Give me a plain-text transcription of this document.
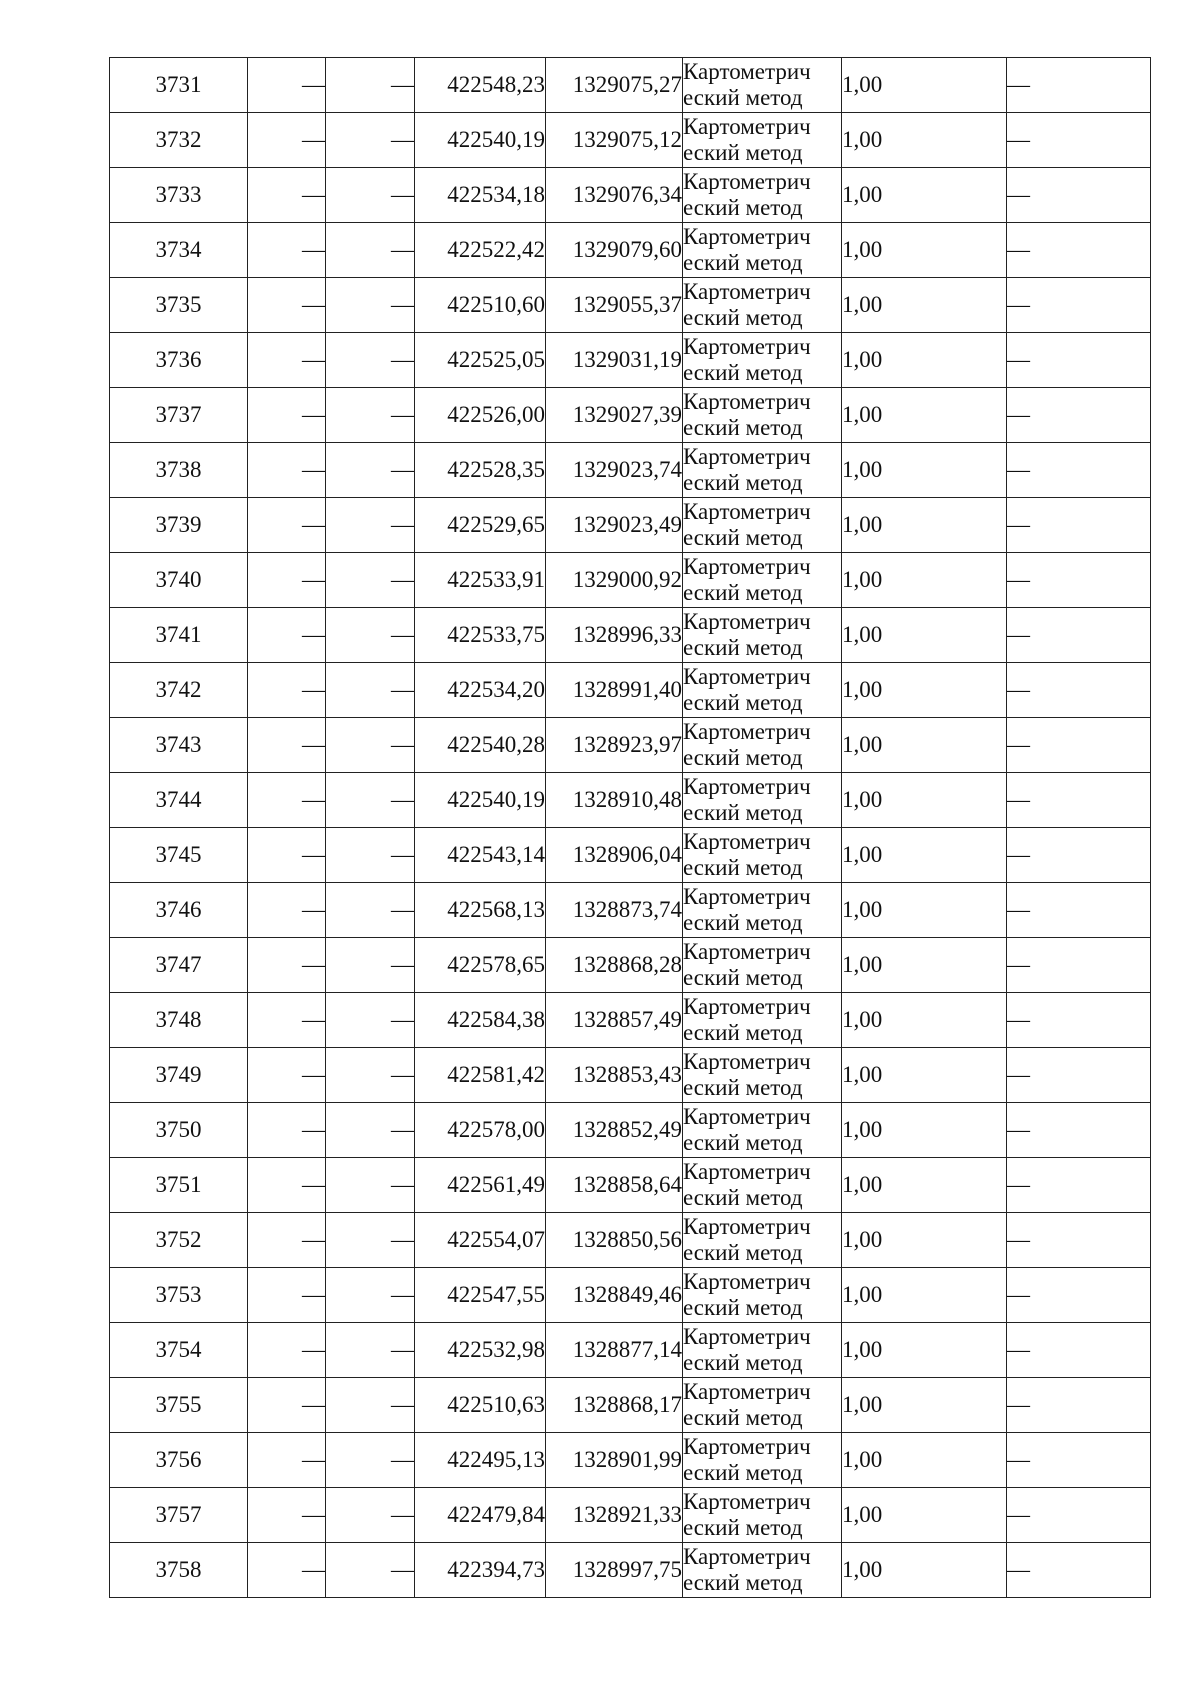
3731	—	—	422548,23	1329075,27	Картометрич
еский метод	1,00	—
3732	—	—	422540,19	1329075,12	Картометрич
еский метод	1,00	—
3733	—	—	422534,18	1329076,34	Картометрич
еский метод	1,00	—
3734	—	—	422522,42	1329079,60	Картометрич
еский метод	1,00	—
3735	—	—	422510,60	1329055,37	Картометрич
еский метод	1,00	—
3736	—	—	422525,05	1329031,19	Картометрич
еский метод	1,00	—
3737	—	—	422526,00	1329027,39	Картометрич
еский метод	1,00	—
3738	—	—	422528,35	1329023,74	Картометрич
еский метод	1,00	—
3739	—	—	422529,65	1329023,49	Картометрич
еский метод	1,00	—
3740	—	—	422533,91	1329000,92	Картометрич
еский метод	1,00	—
3741	—	—	422533,75	1328996,33	Картометрич
еский метод	1,00	—
3742	—	—	422534,20	1328991,40	Картометрич
еский метод	1,00	—
3743	—	—	422540,28	1328923,97	Картометрич
еский метод	1,00	—
3744	—	—	422540,19	1328910,48	Картометрич
еский метод	1,00	—
3745	—	—	422543,14	1328906,04	Картометрич
еский метод	1,00	—
3746	—	—	422568,13	1328873,74	Картометрич
еский метод	1,00	—
3747	—	—	422578,65	1328868,28	Картометрич
еский метод	1,00	—
3748	—	—	422584,38	1328857,49	Картометрич
еский метод	1,00	—
3749	—	—	422581,42	1328853,43	Картометрич
еский метод	1,00	—
3750	—	—	422578,00	1328852,49	Картометрич
еский метод	1,00	—
3751	—	—	422561,49	1328858,64	Картометрич
еский метод	1,00	—
3752	—	—	422554,07	1328850,56	Картометрич
еский метод	1,00	—
3753	—	—	422547,55	1328849,46	Картометрич
еский метод	1,00	—
3754	—	—	422532,98	1328877,14	Картометрич
еский метод	1,00	—
3755	—	—	422510,63	1328868,17	Картометрич
еский метод	1,00	—
3756	—	—	422495,13	1328901,99	Картометрич
еский метод	1,00	—
3757	—	—	422479,84	1328921,33	Картометрич
еский метод	1,00	—
3758	—	—	422394,73	1328997,75	Картометрич
еский метод	1,00	—
